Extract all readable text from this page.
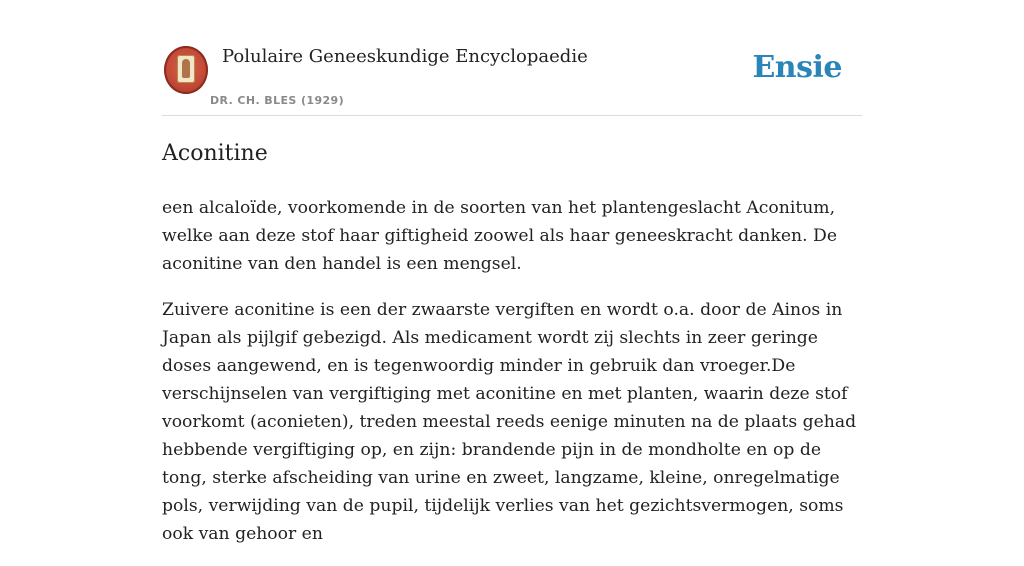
Polulaire Geneeskundige Encyclopaedie
DR. CH. BLES (1929)
Ensie
Aconitine

een alcaloïde, voorkomende in de soorten van het plantengeslacht Aconitum, welke aan deze stof haar giftigheid zoowel als haar geneeskracht danken. De aconitine van den handel is een mengsel.

Zuivere aconitine is een der zwaarste vergiften en wordt o.a. door de Ainos in Japan als pijlgif gebezigd. Als medicament wordt zij slechts in zeer geringe doses aangewend, en is tegenwoordig minder in gebruik dan vroeger.De verschijnselen van vergiftiging met aconitine en met planten, waarin deze stof voorkomt (aconieten), treden meestal reeds eenige minuten na de plaats gehad hebbende vergiftiging op, en zijn: brandende pijn in de mondholte en op de tong, sterke afscheiding van urine en zweet, langzame, kleine, onregelmatige pols, verwijding van de pupil, tijdelijk verlies van het gezichtsvermogen, soms ook van gehoor en
